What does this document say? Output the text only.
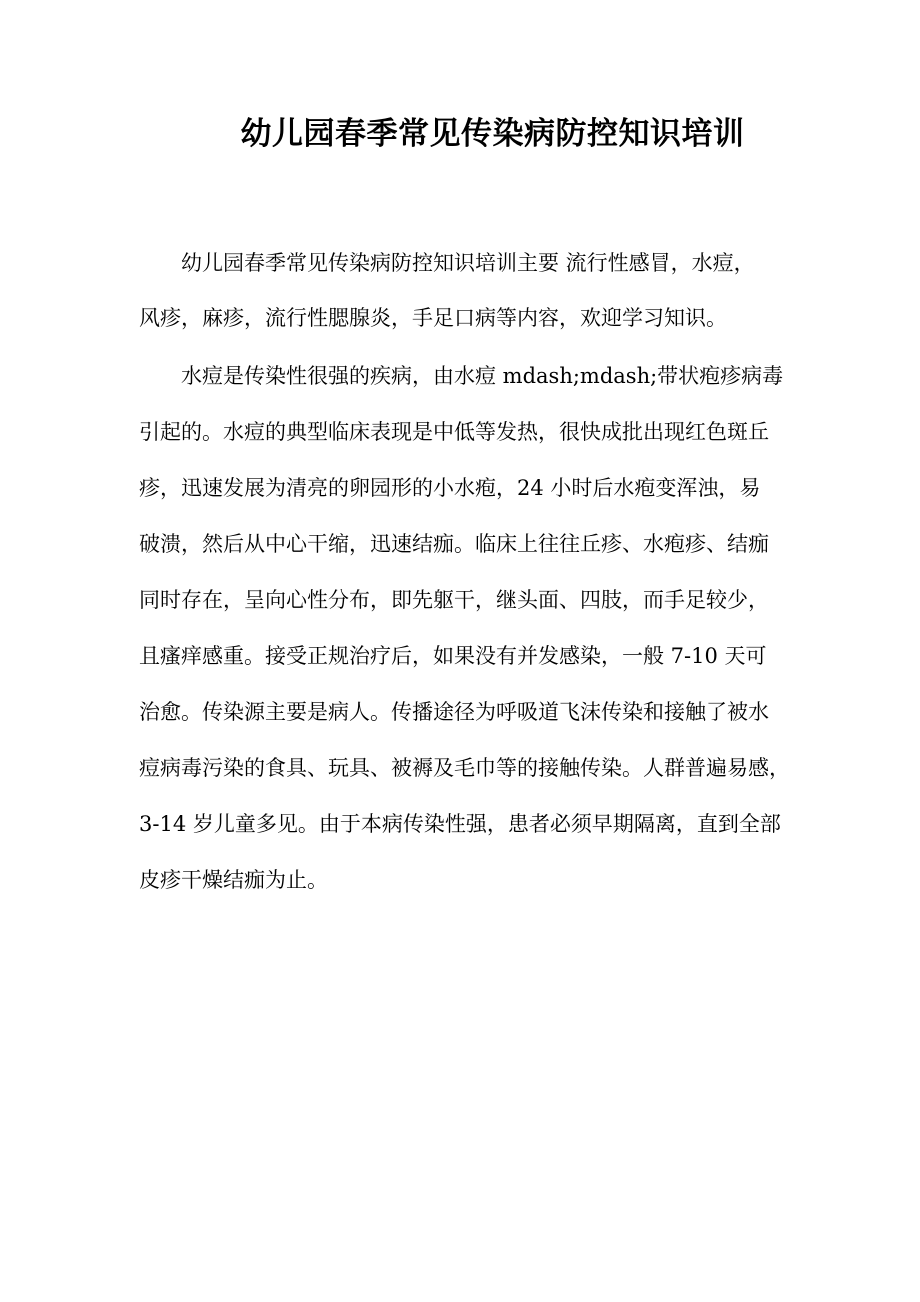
幼儿园春季常见传染病防控知识培训

幼儿园春季常见传染病防控知识培训主要 流行性感冒，水痘，

风疹，麻疹，流行性腮腺炎，手足口病等内容，欢迎学习知识。

水痘是传染性很强的疾病，由水痘 mdash;mdash;带状疱疹病毒

引起的。水痘的典型临床表现是中低等发热，很快成批出现红色斑丘

疹，迅速发展为清亮的卵园形的小水疱，24 小时后水疱变浑浊，易

破溃，然后从中心干缩，迅速结痂。临床上往往丘疹、水疱疹、结痂

同时存在，呈向心性分布，即先躯干，继头面、四肢，而手足较少，

且瘙痒感重。接受正规治疗后，如果没有并发感染，一般 7-10 天可

治愈。传染源主要是病人。传播途径为呼吸道飞沫传染和接触了被水

痘病毒污染的食具、玩具、被褥及毛巾等的接触传染。人群普遍易感，

3-14 岁儿童多见。由于本病传染性强，患者必须早期隔离，直到全部

皮疹干燥结痂为止。
